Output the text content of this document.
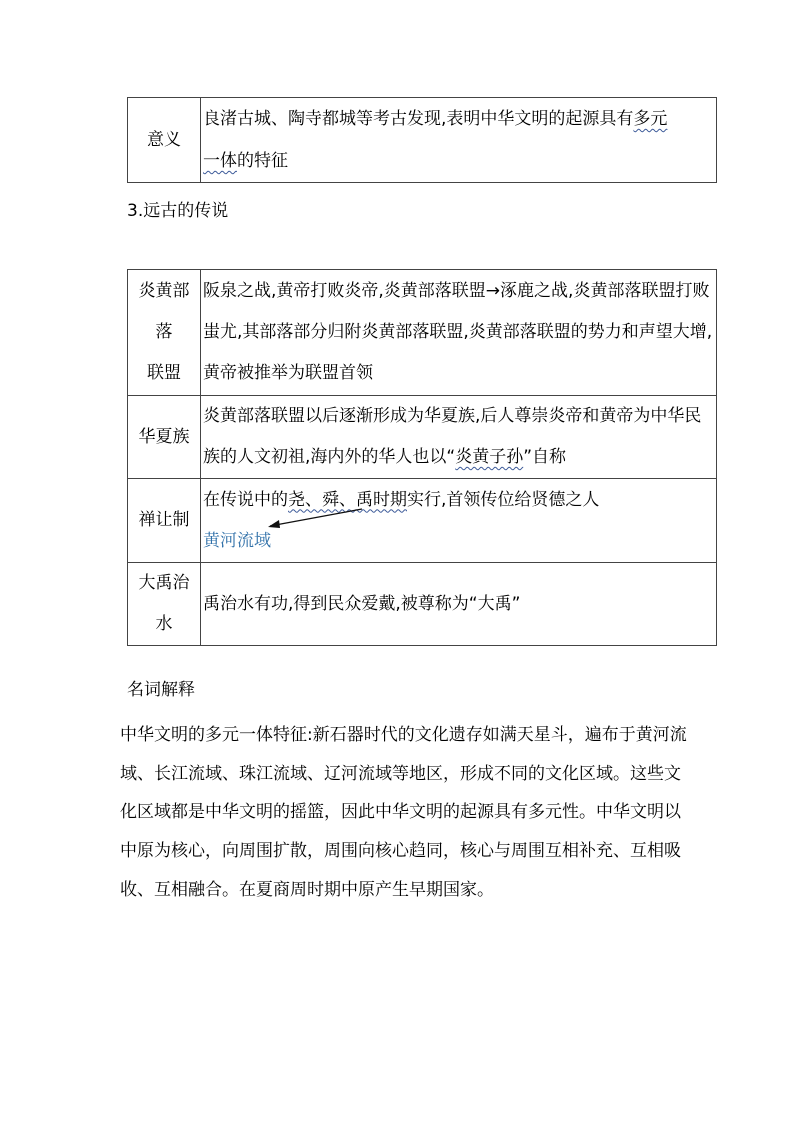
意义	良渚古城、陶寺都城等考古发现,表明中华文明的起源具有多元
一体的特征
3.远古的传说
炎黄部
落
联盟	阪泉之战,黄帝打败炎帝,炎黄部落联盟→涿鹿之战,炎黄部落联盟打败蚩尤,其部落部分归附炎黄部落联盟,炎黄部落联盟的势力和声望大增,黄帝被推举为联盟首领
华夏族	炎黄部落联盟以后逐渐形成为华夏族,后人尊崇炎帝和黄帝为中华民族的人文初祖,海内外的华人也以“炎黄子孙”自称
禅让制	在传说中的尧、舜、禹时期实行,首领传位给贤德之人
黄河流域
大禹治
水	禹治水有功,得到民众爱戴,被尊称为“大禹”
名词解释
中华文明的多元一体特征:新石器时代的文化遗存如满天星斗，遍布于黄河流域、长江流域、珠江流域、辽河流域等地区，形成不同的文化区域。这些文化区域都是中华文明的摇篮，因此中华文明的起源具有多元性。中华文明以中原为核心，向周围扩散，周围向核心趋同，核心与周围互相补充、互相吸收、互相融合。在夏商周时期中原产生早期国家。
